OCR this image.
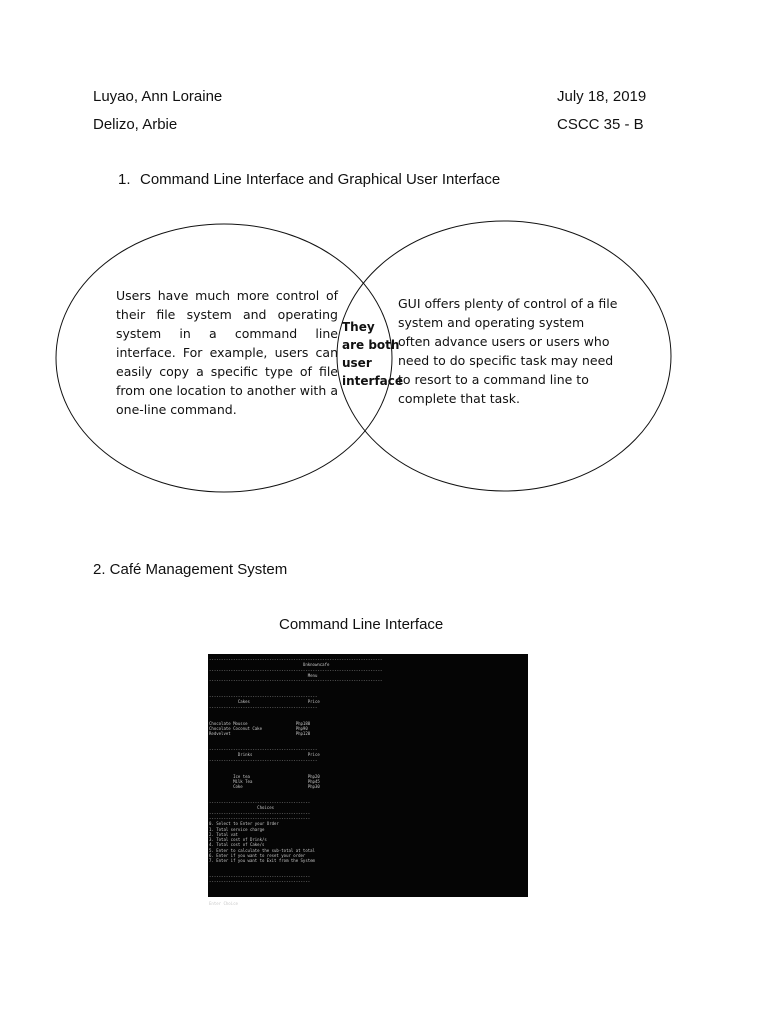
Luyao, Ann Loraine
Delizo, Arbie
July 18, 2019
CSCC 35 - B
1. Command Line Interface and Graphical User Interface
Users have much more control of their file system and operating system in a command line interface. For example, users can easily copy a specific type of file from one location to another with a one-line command.
They are both user interface
GUI offers plenty of control of a file system and operating system often advance users or users who need to do specific task may need to resort to a command line to complete that task.
2. Café Management System
Command Line Interface
------------------------------------------------------------------------
Unknowncafe
------------------------------------------------------------------------
Menu
------------------------------------------------------------------------

---------------------------------------------
Cakes                        Price
---------------------------------------------

Chocolate Mousse                    Php180
Chocolate Coconut Cake              Php90
Redvelvet                           Php120

---------------------------------------------
Drinks                       Price
---------------------------------------------

Ice tea                        Php20
Milk Tea                       Php45
Coke                           Php30

------------------------------------------
Choices
------------------------------------------
------------------------------------------
0. Select to Enter your Order
1. Total service charge
2. Total vat
3. Total cost of Drink/s
4. Total cost of Cake/s
5. Enter to calculate the sub-total at total
6. Enter if you want to reset your order
7. Enter if you want to Exit from the System

------------------------------------------
------------------------------------------

Enter Choice
